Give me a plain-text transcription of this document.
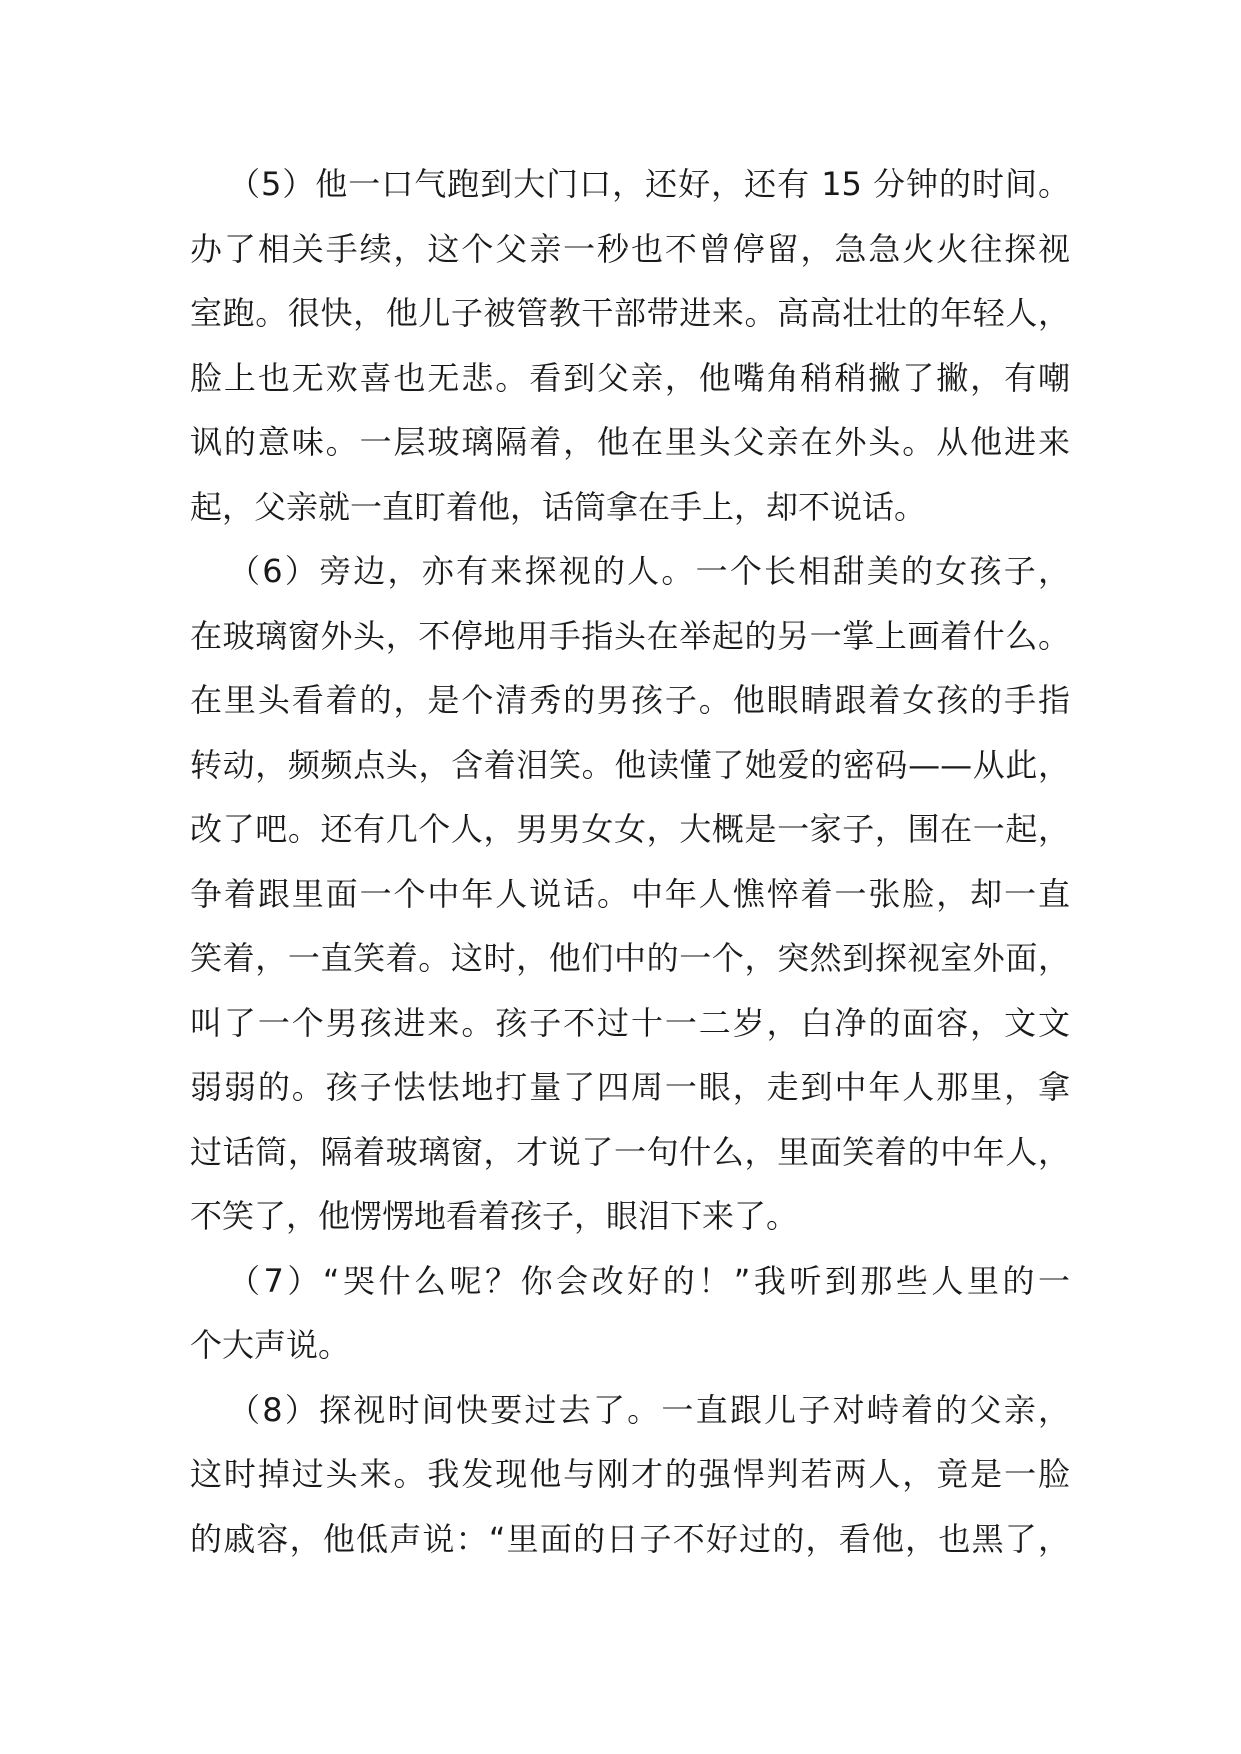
（5）他一口气跑到大门口，还好，还有 15 分钟的时间。
办了相关手续，这个父亲一秒也不曾停留，急急火火往探视
室跑。很快，他儿子被管教干部带进来。高高壮壮的年轻人，
脸上也无欢喜也无悲。看到父亲，他嘴角稍稍撇了撇，有嘲
讽的意味。一层玻璃隔着，他在里头父亲在外头。从他进来
起，父亲就一直盯着他，话筒拿在手上，却不说话。
（6）旁边，亦有来探视的人。一个长相甜美的女孩子，
在玻璃窗外头，不停地用手指头在举起的另一掌上画着什么。
在里头看着的，是个清秀的男孩子。他眼睛跟着女孩的手指
转动，频频点头，含着泪笑。他读懂了她爱的密码——从此，
改了吧。还有几个人，男男女女，大概是一家子，围在一起，
争着跟里面一个中年人说话。中年人憔悴着一张脸，却一直
笑着，一直笑着。这时，他们中的一个，突然到探视室外面，
叫了一个男孩进来。孩子不过十一二岁，白净的面容，文文
弱弱的。孩子怯怯地打量了四周一眼，走到中年人那里，拿
过话筒，隔着玻璃窗，才说了一句什么，里面笑着的中年人，
不笑了，他愣愣地看着孩子，眼泪下来了。
（7）“哭什么呢？你会改好的！”我听到那些人里的一
个大声说。
（8）探视时间快要过去了。一直跟儿子对峙着的父亲，
这时掉过头来。我发现他与刚才的强悍判若两人，竟是一脸
的戚容，他低声说：“里面的日子不好过的，看他，也黑了，
